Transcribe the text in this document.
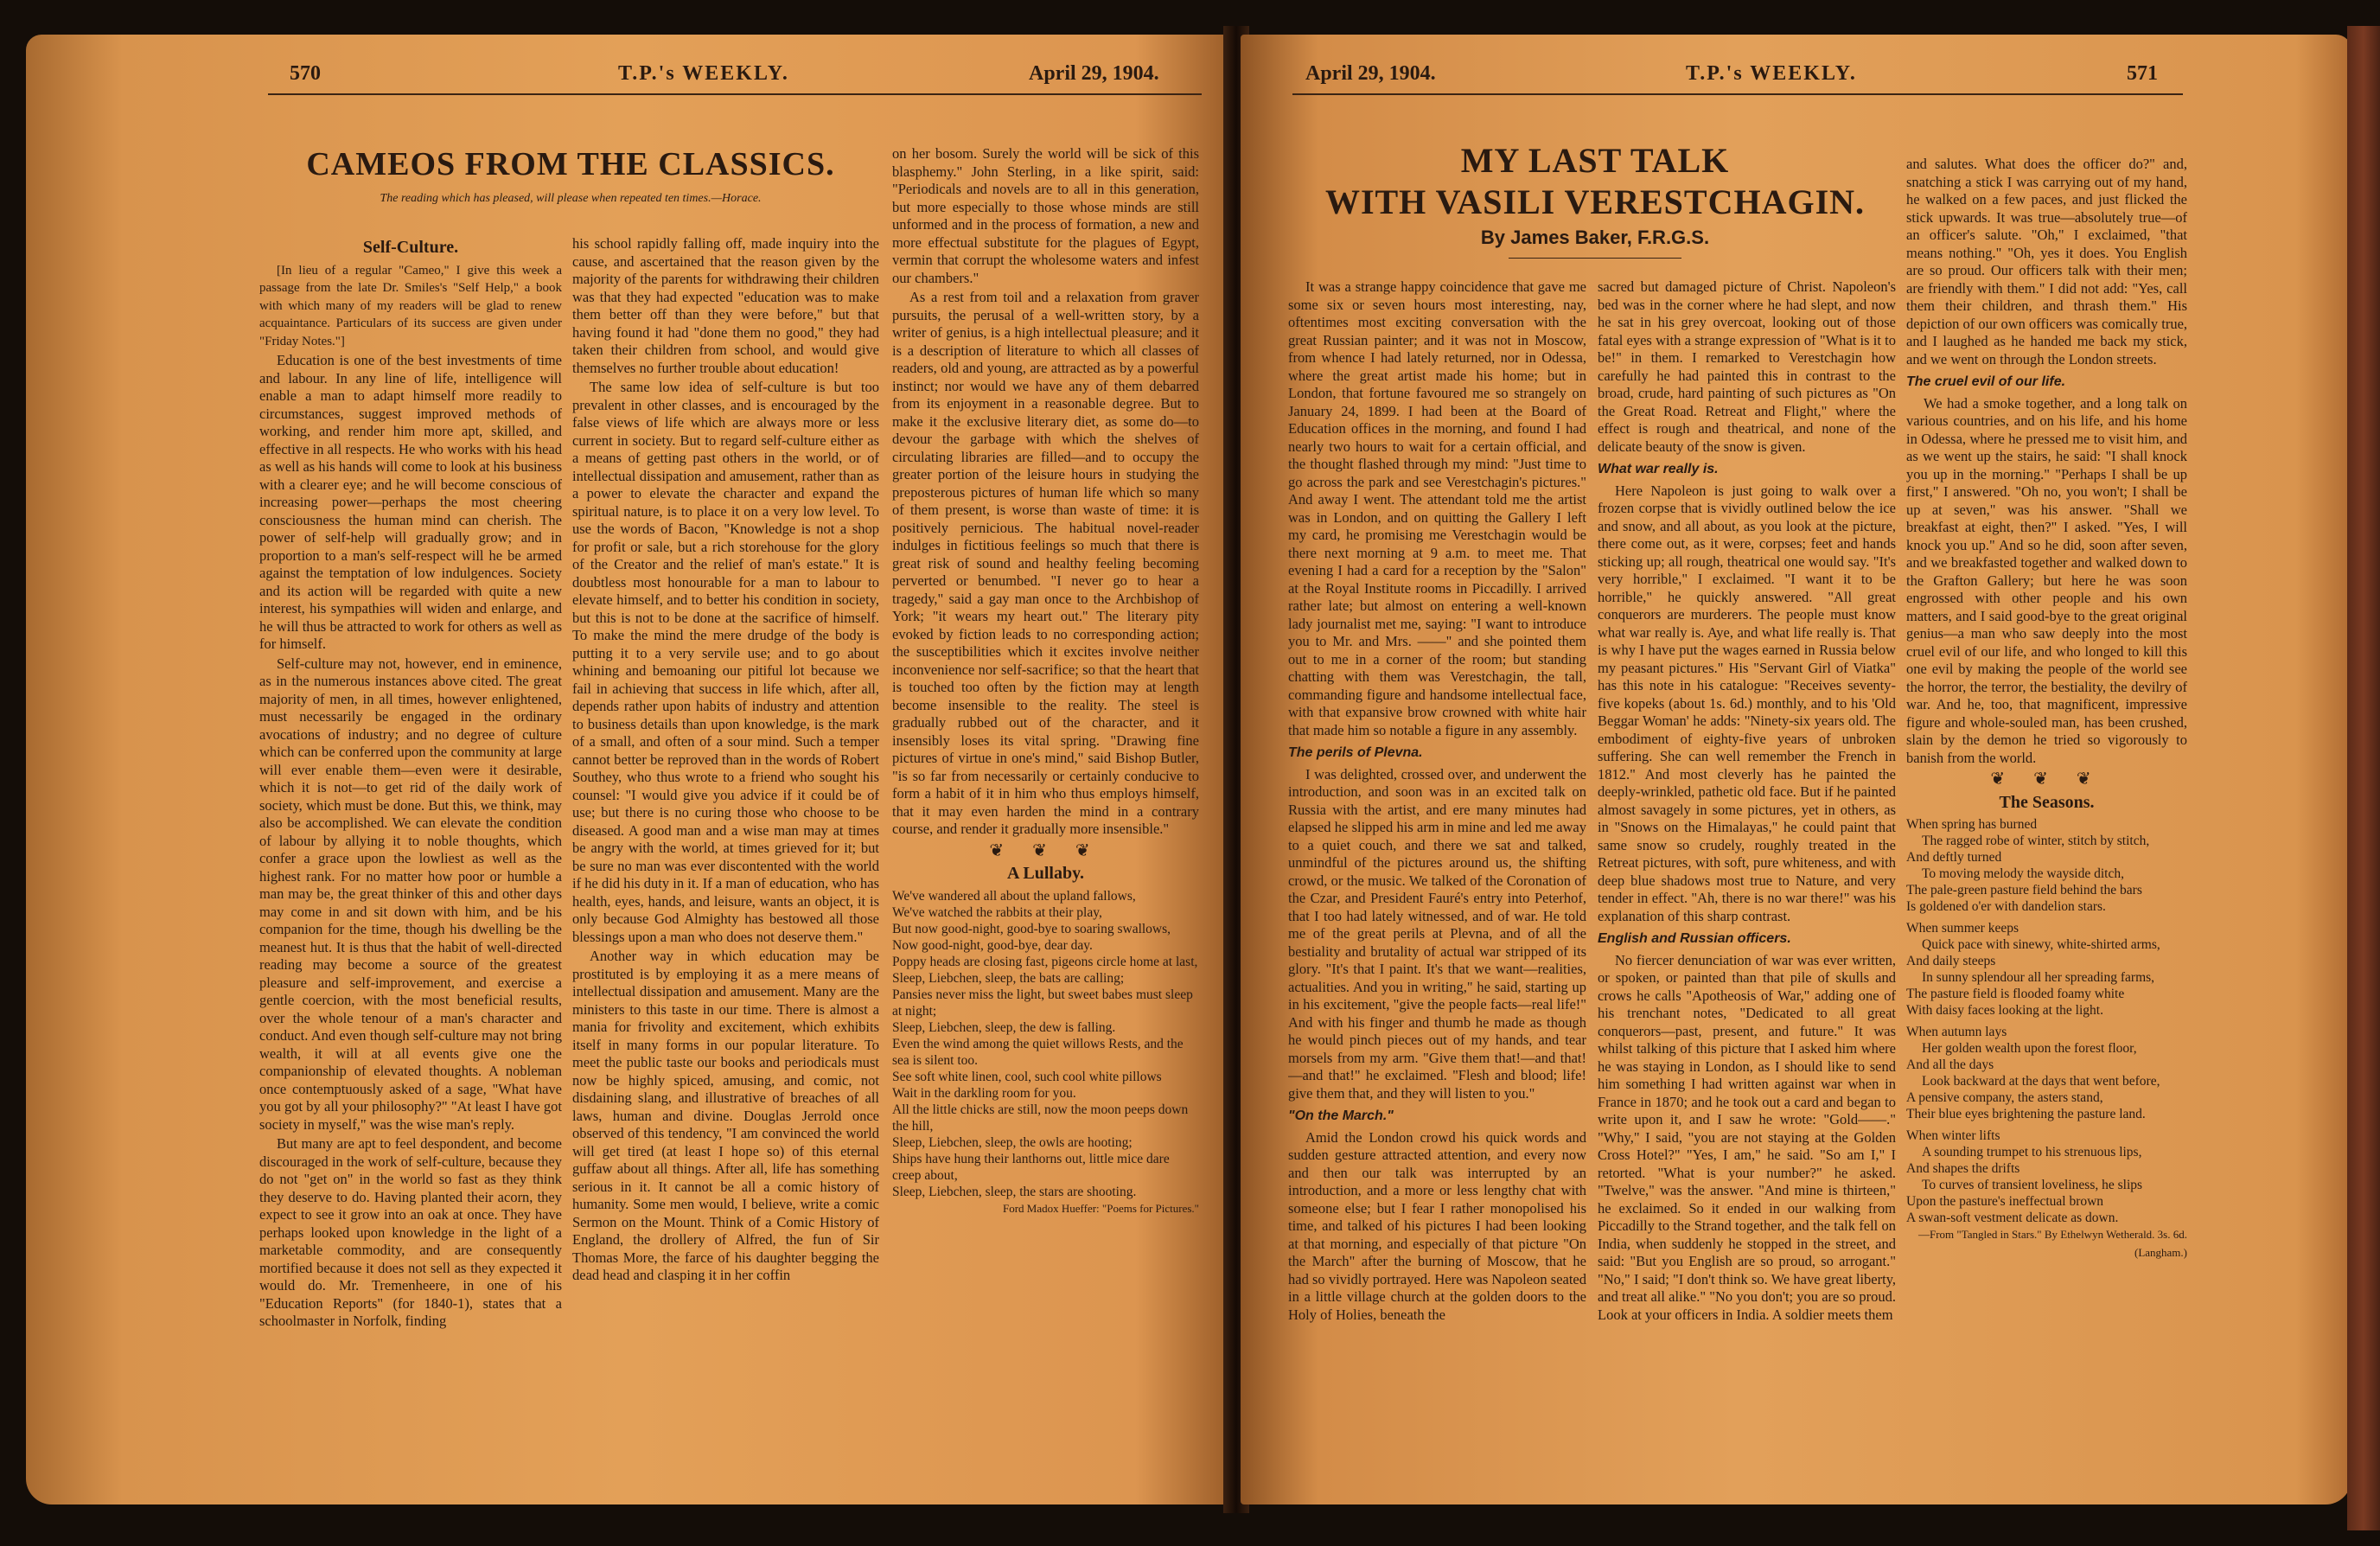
570	T.P.'s WEEKLY.	April 29, 1904.
CAMEOS FROM THE CLASSICS.
The reading which has pleased, will please when repeated ten times.—Horace.
Self-Culture.

[In lieu of a regular "Cameo," I give this week a passage from the late Dr. Smiles's "Self Help," a book with which many of my readers will be glad to renew acquaintance. Particulars of its success are given under "Friday Notes."]

Education is one of the best investments of time and labour. In any line of life, intelligence will enable a man to adapt himself more readily to circumstances, suggest improved methods of working, and render him more apt, skilled, and effective in all respects. He who works with his head as well as his hands will come to look at his business with a clearer eye; and he will become conscious of increasing power—perhaps the most cheering consciousness the human mind can cherish. The power of self-help will gradually grow; and in proportion to a man's self-respect will he be armed against the temptation of low indulgences. Society and its action will be regarded with quite a new interest, his sympathies will widen and enlarge, and he will thus be attracted to work for others as well as for himself.

Self-culture may not, however, end in eminence, as in the numerous instances above cited. The great majority of men, in all times, however enlightened, must necessarily be engaged in the ordinary avocations of industry; and no degree of culture which can be conferred upon the community at large will ever enable them—even were it desirable, which it is not—to get rid of the daily work of society, which must be done. But this, we think, may also be accomplished. We can elevate the condition of labour by allying it to noble thoughts, which confer a grace upon the lowliest as well as the highest rank. For no matter how poor or humble a man may be, the great thinker of this and other days may come in and sit down with him, and be his companion for the time, though his dwelling be the meanest hut. It is thus that the habit of well-directed reading may become a source of the greatest pleasure and self-improvement, and exercise a gentle coercion, with the most beneficial results, over the whole tenour of a man's character and conduct. And even though self-culture may not bring wealth, it will at all events give one the companionship of elevated thoughts. A nobleman once contemptuously asked of a sage, "What have you got by all your philosophy?" "At least I have got society in myself," was the wise man's reply.

But many are apt to feel despondent, and become discouraged in the work of self-culture, because they do not "get on" in the world so fast as they think they deserve to do. Having planted their acorn, they expect to see it grow into an oak at once. They have perhaps looked upon knowledge in the light of a marketable commodity, and are consequently mortified because it does not sell as they expected it would do. Mr. Tremenheere, in one of his "Education Reports" (for 1840-1), states that a schoolmaster in Norfolk, finding

his school rapidly falling off, made inquiry into the cause, and ascertained that the reason given by the majority of the parents for withdrawing their children was that they had expected "education was to make them better off than they were before," but that having found it had "done them no good," they had taken their children from school, and would give themselves no further trouble about education!

The same low idea of self-culture is but too prevalent in other classes, and is encouraged by the false views of life which are always more or less current in society. But to regard self-culture either as a means of getting past others in the world, or of intellectual dissipation and amusement, rather than as a power to elevate the character and expand the spiritual nature, is to place it on a very low level. To use the words of Bacon, "Knowledge is not a shop for profit or sale, but a rich storehouse for the glory of the Creator and the relief of man's estate." It is doubtless most honourable for a man to labour to elevate himself, and to better his condition in society, but this is not to be done at the sacrifice of himself. To make the mind the mere drudge of the body is putting it to a very servile use; and to go about whining and bemoaning our pitiful lot because we fail in achieving that success in life which, after all, depends rather upon habits of industry and attention to business details than upon knowledge, is the mark of a small, and often of a sour mind. Such a temper cannot better be reproved than in the words of Robert Southey, who thus wrote to a friend who sought his counsel: "I would give you advice if it could be of use; but there is no curing those who choose to be diseased. A good man and a wise man may at times be angry with the world, at times grieved for it; but be sure no man was ever discontented with the world if he did his duty in it. If a man of education, who has health, eyes, hands, and leisure, wants an object, it is only because God Almighty has bestowed all those blessings upon a man who does not deserve them."

Another way in which education may be prostituted is by employing it as a mere means of intellectual dissipation and amusement. Many are the ministers to this taste in our time. There is almost a mania for frivolity and excitement, which exhibits itself in many forms in our popular literature. To meet the public taste our books and periodicals must now be highly spiced, amusing, and comic, not disdaining slang, and illustrative of breaches of all laws, human and divine. Douglas Jerrold once observed of this tendency, "I am convinced the world will get tired (at least I hope so) of this eternal guffaw about all things. After all, life has something serious in it. It cannot be all a comic history of humanity. Some men would, I believe, write a comic Sermon on the Mount. Think of a Comic History of England, the drollery of Alfred, the fun of Sir Thomas More, the farce of his daughter begging the dead head and clasping it in her coffin

on her bosom. Surely the world will be sick of this blasphemy." John Sterling, in a like spirit, said: "Periodicals and novels are to all in this generation, but more especially to those whose minds are still unformed and in the process of formation, a new and more effectual substitute for the plagues of Egypt, vermin that corrupt the wholesome waters and infest our chambers."

As a rest from toil and a relaxation from graver pursuits, the perusal of a well-written story, by a writer of genius, is a high intellectual pleasure; and it is a description of literature to which all classes of readers, old and young, are attracted as by a powerful instinct; nor would we have any of them debarred from its enjoyment in a reasonable degree. But to make it the exclusive literary diet, as some do—to devour the garbage with which the shelves of circulating libraries are filled—and to occupy the greater portion of the leisure hours in studying the preposterous pictures of human life which so many of them present, is worse than waste of time: it is positively pernicious. The habitual novel-reader indulges in fictitious feelings so much that there is great risk of sound and healthy feeling becoming perverted or benumbed. "I never go to hear a tragedy," said a gay man once to the Archbishop of York; "it wears my heart out." The literary pity evoked by fiction leads to no corresponding action; the susceptibilities which it excites involve neither inconvenience nor self-sacrifice; so that the heart that is touched too often by the fiction may at length become insensible to the reality. The steel is gradually rubbed out of the character, and it insensibly loses its vital spring. "Drawing fine pictures of virtue in one's mind," said Bishop Butler, "is so far from necessarily or certainly conducive to form a habit of it in him who thus employs himself, that it may even harden the mind in a contrary course, and render it gradually more insensible."

❦ ❦ ❦
A Lullaby.
We've wandered all about the upland fallows,
We've watched the rabbits at their play,
But now good-night, good-bye to soaring swallows,
Now good-night, good-bye, dear day.
Poppy heads are closing fast, pigeons circle home at last,
Sleep, Liebchen, sleep, the bats are calling;
Pansies never miss the light, but sweet babes must sleep at night;
Sleep, Liebchen, sleep, the dew is falling.
Even the wind among the quiet willows Rests, and the sea is silent too.
See soft white linen, cool, such cool white pillows
Wait in the darkling room for you.
All the little chicks are still, now the moon peeps down the hill,
Sleep, Liebchen, sleep, the owls are hooting;
Ships have hung their lanthorns out, little mice dare creep about,
Sleep, Liebchen, sleep, the stars are shooting.
Ford Madox Hueffer: "Poems for Pictures."
April 29, 1904.	T.P.'s WEEKLY.	571
MY LAST TALK
WITH VASILI VERESTCHAGIN.
By James Baker, F.R.G.S.

It was a strange happy coincidence that gave me some six or seven hours most interesting, nay, oftentimes most exciting conversation with the great Russian painter; and it was not in Moscow, from whence I had lately returned, nor in Odessa, where the great artist made his home; but in London, that fortune favoured me so strangely on January 24, 1899. I had been at the Board of Education offices in the morning, and found I had nearly two hours to wait for a certain official, and the thought flashed through my mind: "Just time to go across the park and see Verestchagin's pictures." And away I went. The attendant told me the artist was in London, and on quitting the Gallery I left my card, he promising me Verestchagin would be there next morning at 9 a.m. to meet me. That evening I had a card for a reception by the "Salon" at the Royal Institute rooms in Piccadilly. I arrived rather late; but almost on entering a well-known lady journalist met me, saying: "I want to introduce you to Mr. and Mrs. ——" and she pointed them out to me in a corner of the room; but standing chatting with them was Verestchagin, the tall, commanding figure and handsome intellectual face, with that expansive brow crowned with white hair that made him so notable a figure in any assembly.

The perils of Plevna.

I was delighted, crossed over, and underwent the introduction, and soon was in an excited talk on Russia with the artist, and ere many minutes had elapsed he slipped his arm in mine and led me away to a quiet couch, and there we sat and talked, unmindful of the pictures around us, the shifting crowd, or the music. We talked of the Coronation of the Czar, and President Fauré's entry into Peterhof, that I too had lately witnessed, and of war. He told me of the great perils at Plevna, and of all the bestiality and brutality of actual war stripped of its glory. "It's that I paint. It's that we want—realities, actualities. And you in writing," he said, starting up in his excitement, "give the people facts—real life!" And with his finger and thumb he made as though he would pinch pieces out of my hands, and tear morsels from my arm. "Give them that!—and that!—and that!" he exclaimed. "Flesh and blood; life! give them that, and they will listen to you."

"On the March."

Amid the London crowd his quick words and sudden gesture attracted attention, and every now and then our talk was interrupted by an introduction, and a more or less lengthy chat with someone else; but I fear I rather monopolised his time, and talked of his pictures I had been looking at that morning, and especially of that picture "On the March" after the burning of Moscow, that he had so vividly portrayed. Here was Napoleon seated in a little village church at the golden doors to the Holy of Holies, beneath the

sacred but damaged picture of Christ. Napoleon's bed was in the corner where he had slept, and now he sat in his grey overcoat, looking out of those fatal eyes with a strange expression of "What is it to be!" in them. I remarked to Verestchagin how carefully he had painted this in contrast to the broad, crude, hard painting of such pictures as "On the Great Road. Retreat and Flight," where the effect is rough and theatrical, and none of the delicate beauty of the snow is given.

What war really is.

Here Napoleon is just going to walk over a frozen corpse that is vividly outlined below the ice and snow, and all about, as you look at the picture, there come out, as it were, corpses; feet and hands sticking up; all rough, theatrical one would say. "It's very horrible," I exclaimed. "I want it to be horrible," he quickly answered. "All great conquerors are murderers. The people must know what war really is. Aye, and what life really is. That is why I have put the wages earned in Russia below my peasant pictures." His "Servant Girl of Viatka" has this note in his catalogue: "Receives seventy-five kopeks (about 1s. 6d.) monthly, and to his 'Old Beggar Woman' he adds: "Ninety-six years old. The embodiment of eighty-five years of unbroken suffering. She can well remember the French in 1812." And most cleverly has he painted the deeply-wrinkled, pathetic old face. But if he painted almost savagely in some pictures, yet in others, as in "Snows on the Himalayas," he could paint that same snow so crudely, roughly treated in the Retreat pictures, with soft, pure whiteness, and with deep blue shadows most true to Nature, and very tender in effect. "Ah, there is no war there!" was his explanation of this sharp contrast.

English and Russian officers.

No fiercer denunciation of war was ever written, or spoken, or painted than that pile of skulls and crows he calls "Apotheosis of War," adding one of his trenchant notes, "Dedicated to all great conquerors—past, present, and future." It was whilst talking of this picture that I asked him where he was staying in London, as I should like to send him something I had written against war when in France in 1870; and he took out a card and began to write upon it, and I saw he wrote: "Gold——." "Why," I said, "you are not staying at the Golden Cross Hotel?" "Yes, I am," he said. "So am I," I retorted. "What is your number?" he asked. "Twelve," was the answer. "And mine is thirteen," he exclaimed. So it ended in our walking from Piccadilly to the Strand together, and the talk fell on India, when suddenly he stopped in the street, and said: "But you English are so proud, so arrogant." "No," I said; "I don't think so. We have great liberty, and treat all alike." "No you don't; you are so proud. Look at your officers in India. A soldier meets them

and salutes. What does the officer do?" and, snatching a stick I was carrying out of my hand, he walked on a few paces, and just flicked the stick upwards. It was true—absolutely true—of an officer's salute. "Oh," I exclaimed, "that means nothing." "Oh, yes it does. You English are so proud. Our officers talk with their men; are friendly with them." I did not add: "Yes, call them their children, and thrash them." His depiction of our own officers was comically true, and I laughed as he handed me back my stick, and we went on through the London streets.

The cruel evil of our life.

We had a smoke together, and a long talk on various countries, and on his life, and his home in Odessa, where he pressed me to visit him, and as we went up the stairs, he said: "I shall knock you up in the morning." "Perhaps I shall be up first," I answered. "Oh no, you won't; I shall be up at seven," was his answer. "Shall we breakfast at eight, then?" I asked. "Yes, I will knock you up." And so he did, soon after seven, and we breakfasted together and walked down to the Grafton Gallery; but here he was soon engrossed with other people and his own matters, and I said good-bye to the great original genius—a man who saw deeply into the most cruel evil of our life, and who longed to kill this one evil by making the people of the world see the horror, the terror, the bestiality, the devilry of war. And he, too, that magnificent, impressive figure and whole-souled man, has been crushed, slain by the demon he tried so vigorously to banish from the world.

❦ ❦ ❦
The Seasons.
When spring has burned
The ragged robe of winter, stitch by stitch,
And deftly turned
To moving melody the wayside ditch,
The pale-green pasture field behind the bars
Is goldened o'er with dandelion stars.
When summer keeps
Quick pace with sinewy, white-shirted arms,
And daily steeps
In sunny splendour all her spreading farms,
The pasture field is flooded foamy white
With daisy faces looking at the light.
When autumn lays
Her golden wealth upon the forest floor,
And all the days
Look backward at the days that went before,
A pensive company, the asters stand,
Their blue eyes brightening the pasture land.
When winter lifts
A sounding trumpet to his strenuous lips,
And shapes the drifts
To curves of transient loveliness, he slips
Upon the pasture's ineffectual brown
A swan-soft vestment delicate as down.
—From "Tangled in Stars." By Ethelwyn Wetherald. 3s. 6d. (Langham.)
